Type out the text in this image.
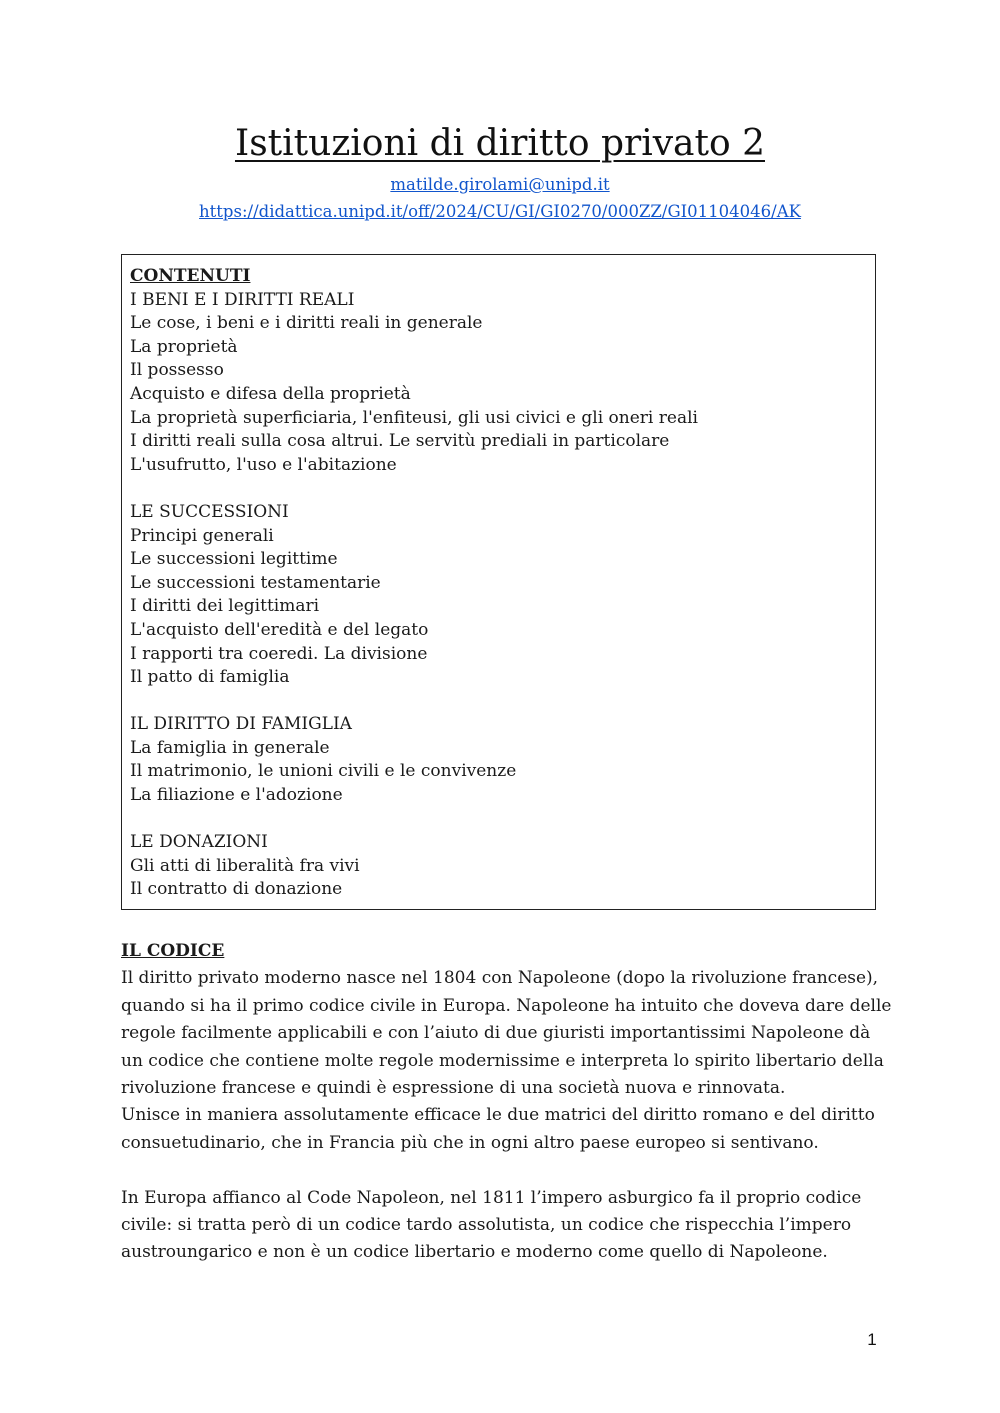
Istituzioni di diritto privato 2
matilde.girolami@unipd.it
https://didattica.unipd.it/off/2024/CU/GI/GI0270/000ZZ/GI01104046/AK
CONTENUTI
I BENI E I DIRITTI REALI
Le cose, i beni e i diritti reali in generale
La proprietà
Il possesso
Acquisto e difesa della proprietà
La proprietà superficiaria, l'enfiteusi, gli usi civici e gli oneri reali
I diritti reali sulla cosa altrui. Le servitù prediali in particolare
L'usufrutto, l'uso e l'abitazione
LE SUCCESSIONI
Principi generali
Le successioni legittime
Le successioni testamentarie
I diritti dei legittimari
L'acquisto dell'eredità e del legato
I rapporti tra coeredi. La divisione
Il patto di famiglia
IL DIRITTO DI FAMIGLIA
La famiglia in generale
Il matrimonio, le unioni civili e le convivenze
La filiazione e l'adozione
LE DONAZIONI
Gli atti di liberalità fra vivi
Il contratto di donazione
IL CODICE
Il diritto privato moderno nasce nel 1804 con Napoleone (dopo la rivoluzione francese),
quando si ha il primo codice civile in Europa. Napoleone ha intuito che doveva dare delle
regole facilmente applicabili e con l’aiuto di due giuristi importantissimi Napoleone dà
un codice che contiene molte regole modernissime e interpreta lo spirito libertario della
rivoluzione francese e quindi è espressione di una società nuova e rinnovata.
Unisce in maniera assolutamente efficace le due matrici del diritto romano e del diritto
consuetudinario, che in Francia più che in ogni altro paese europeo si sentivano.
In Europa affianco al Code Napoleon, nel 1811 l’impero asburgico fa il proprio codice
civile: si tratta però di un codice tardo assolutista, un codice che rispecchia l’impero
austroungarico e non è un codice libertario e moderno come quello di Napoleone.
1
